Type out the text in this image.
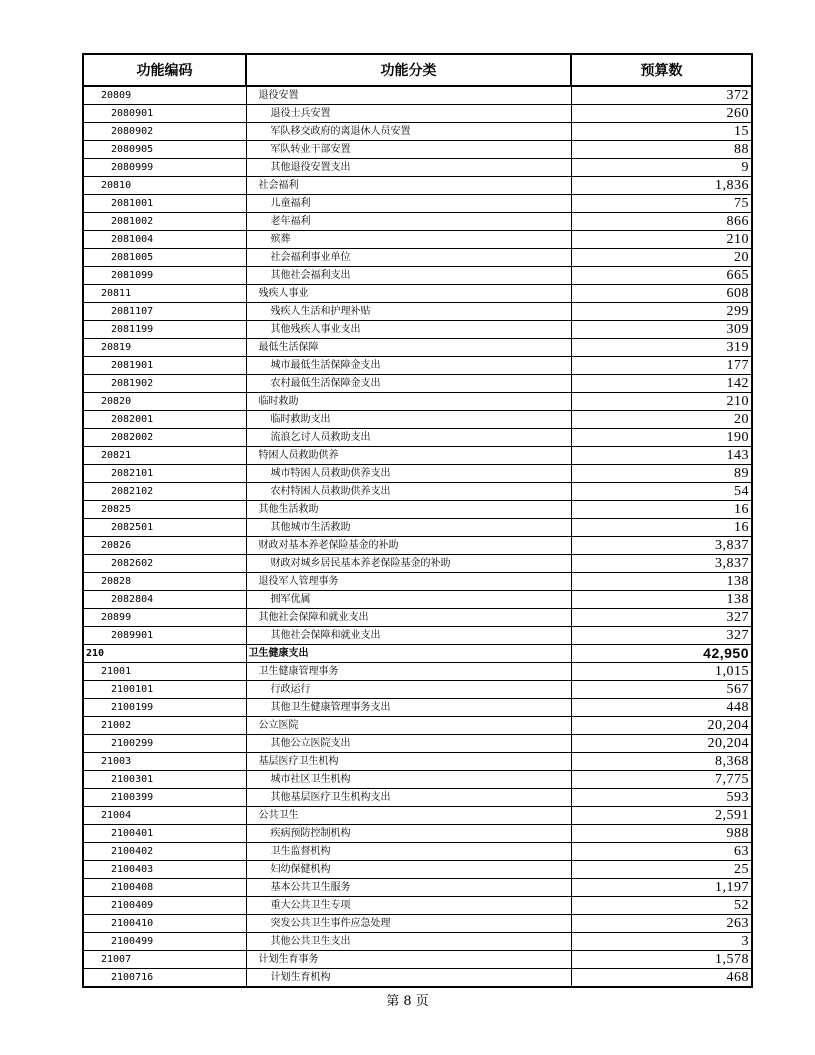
功能编码	功能分类	预算数
20809	退役安置	372
2080901	退役士兵安置	260
2080902	军队移交政府的离退休人员安置	15
2080905	军队转业干部安置	88
2080999	其他退役安置支出	9
20810	社会福利	1,836
2081001	儿童福利	75
2081002	老年福利	866
2081004	殡葬	210
2081005	社会福利事业单位	20
2081099	其他社会福利支出	665
20811	残疾人事业	608
2081107	残疾人生活和护理补贴	299
2081199	其他残疾人事业支出	309
20819	最低生活保障	319
2081901	城市最低生活保障金支出	177
2081902	农村最低生活保障金支出	142
20820	临时救助	210
2082001	临时救助支出	20
2082002	流浪乞讨人员救助支出	190
20821	特困人员救助供养	143
2082101	城市特困人员救助供养支出	89
2082102	农村特困人员救助供养支出	54
20825	其他生活救助	16
2082501	其他城市生活救助	16
20826	财政对基本养老保险基金的补助	3,837
2082602	财政对城乡居民基本养老保险基金的补助	3,837
20828	退役军人管理事务	138
2082804	拥军优属	138
20899	其他社会保障和就业支出	327
2089901	其他社会保障和就业支出	327
210	卫生健康支出	42,950
21001	卫生健康管理事务	1,015
2100101	行政运行	567
2100199	其他卫生健康管理事务支出	448
21002	公立医院	20,204
2100299	其他公立医院支出	20,204
21003	基层医疗卫生机构	8,368
2100301	城市社区卫生机构	7,775
2100399	其他基层医疗卫生机构支出	593
21004	公共卫生	2,591
2100401	疾病预防控制机构	988
2100402	卫生监督机构	63
2100403	妇幼保健机构	25
2100408	基本公共卫生服务	1,197
2100409	重大公共卫生专项	52
2100410	突发公共卫生事件应急处理	263
2100499	其他公共卫生支出	3
21007	计划生育事务	1,578
2100716	计划生育机构	468
第 8 页
